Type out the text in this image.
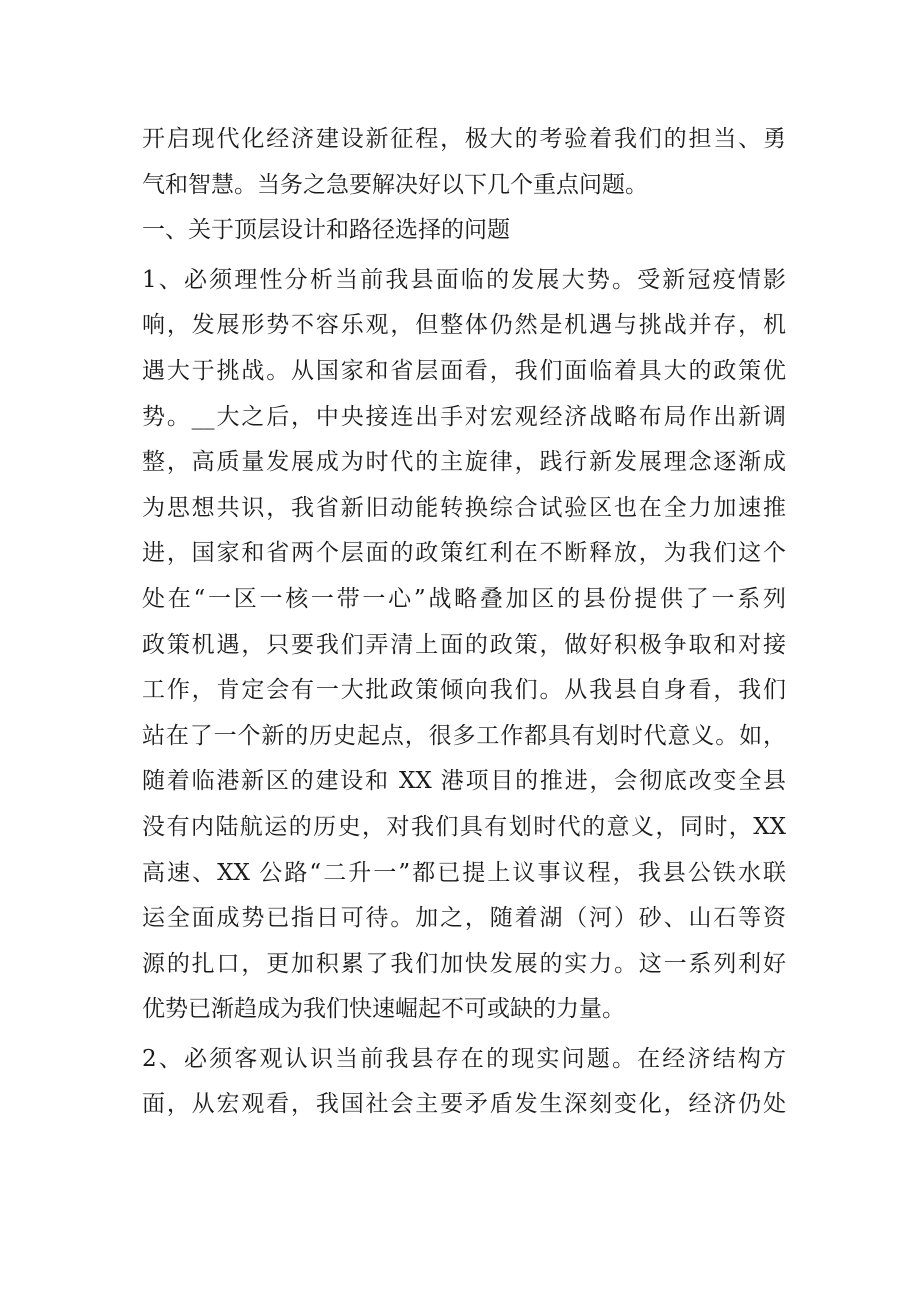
开启现代化经济建设新征程，极大的考验着我们的担当、勇
气和智慧。当务之急要解决好以下几个重点问题。
一、关于顶层设计和路径选择的问题
1、必须理性分析当前我县面临的发展大势。受新冠疫情影
响，发展形势不容乐观，但整体仍然是机遇与挑战并存，机
遇大于挑战。从国家和省层面看，我们面临着具大的政策优
势。__大之后，中央接连出手对宏观经济战略布局作出新调
整，高质量发展成为时代的主旋律，践行新发展理念逐渐成
为思想共识，我省新旧动能转换综合试验区也在全力加速推
进，国家和省两个层面的政策红利在不断释放，为我们这个
处在“一区一核一带一心”战略叠加区的县份提供了一系列
政策机遇，只要我们弄清上面的政策，做好积极争取和对接
工作，肯定会有一大批政策倾向我们。从我县自身看，我们
站在了一个新的历史起点，很多工作都具有划时代意义。如，
随着临港新区的建设和 XX 港项目的推进，会彻底改变全县
没有内陆航运的历史，对我们具有划时代的意义，同时，XX
高速、XX 公路“二升一”都已提上议事议程，我县公铁水联
运全面成势已指日可待。加之，随着湖（河）砂、山石等资
源的扎口，更加积累了我们加快发展的实力。这一系列利好
优势已渐趋成为我们快速崛起不可或缺的力量。
2、必须客观认识当前我县存在的现实问题。在经济结构方
面，从宏观看，我国社会主要矛盾发生深刻变化，经济仍处
